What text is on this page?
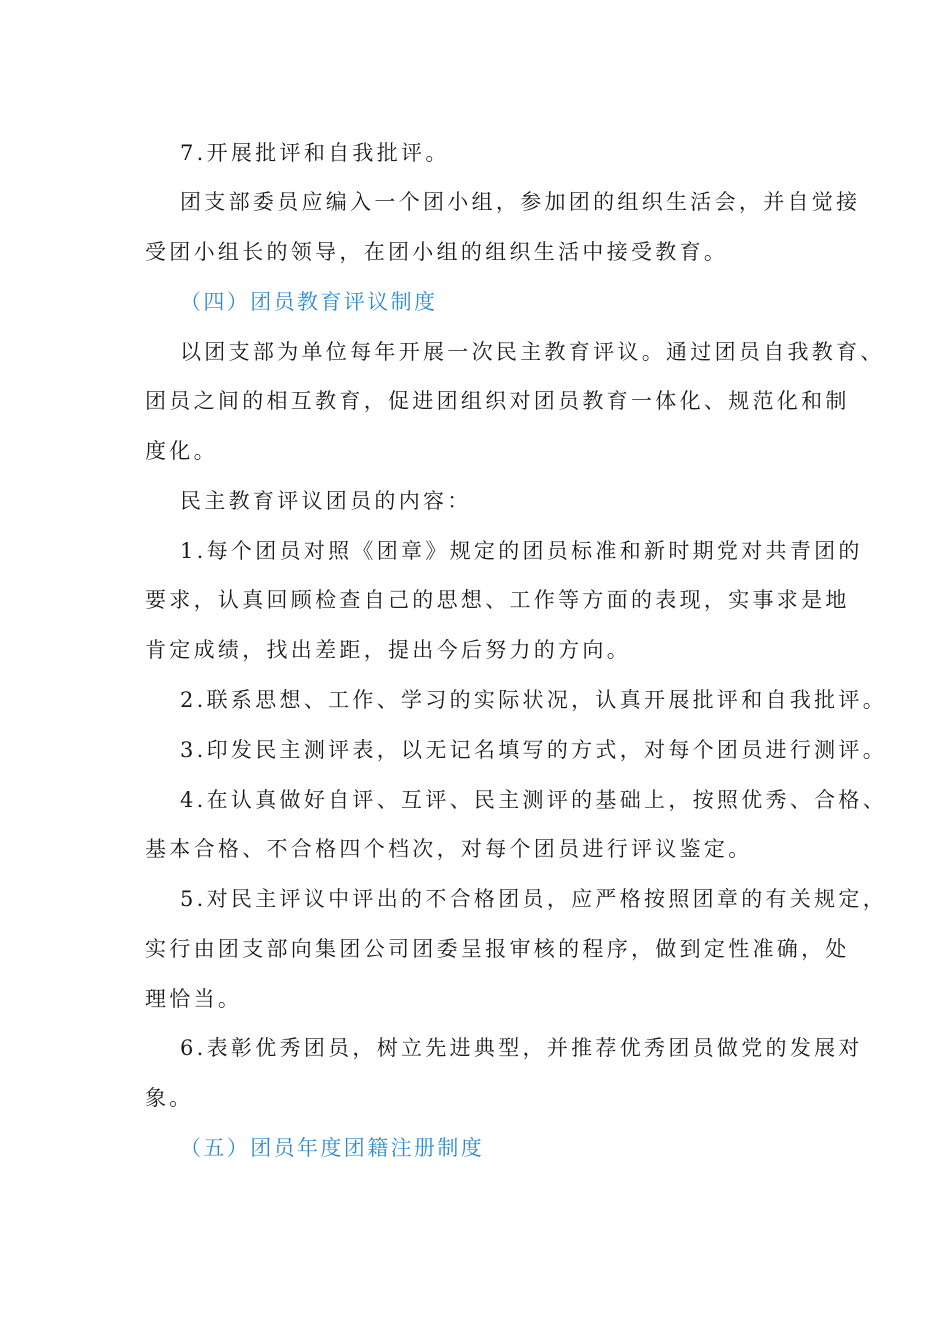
7.开展批评和自我批评。
团支部委员应编入一个团小组，参加团的组织生活会，并自觉接
受团小组长的领导，在团小组的组织生活中接受教育。
（四）团员教育评议制度
以团支部为单位每年开展一次民主教育评议。通过团员自我教育、
团员之间的相互教育，促进团组织对团员教育一体化、规范化和制
度化。
民主教育评议团员的内容：
1.每个团员对照《团章》规定的团员标准和新时期党对共青团的
要求，认真回顾检查自己的思想、工作等方面的表现，实事求是地
肯定成绩，找出差距，提出今后努力的方向。
2.联系思想、工作、学习的实际状况，认真开展批评和自我批评。
3.印发民主测评表，以无记名填写的方式，对每个团员进行测评。
4.在认真做好自评、互评、民主测评的基础上，按照优秀、合格、
基本合格、不合格四个档次，对每个团员进行评议鉴定。
5.对民主评议中评出的不合格团员，应严格按照团章的有关规定，
实行由团支部向集团公司团委呈报审核的程序，做到定性准确，处
理恰当。
6.表彰优秀团员，树立先进典型，并推荐优秀团员做党的发展对
象。
（五）团员年度团籍注册制度
